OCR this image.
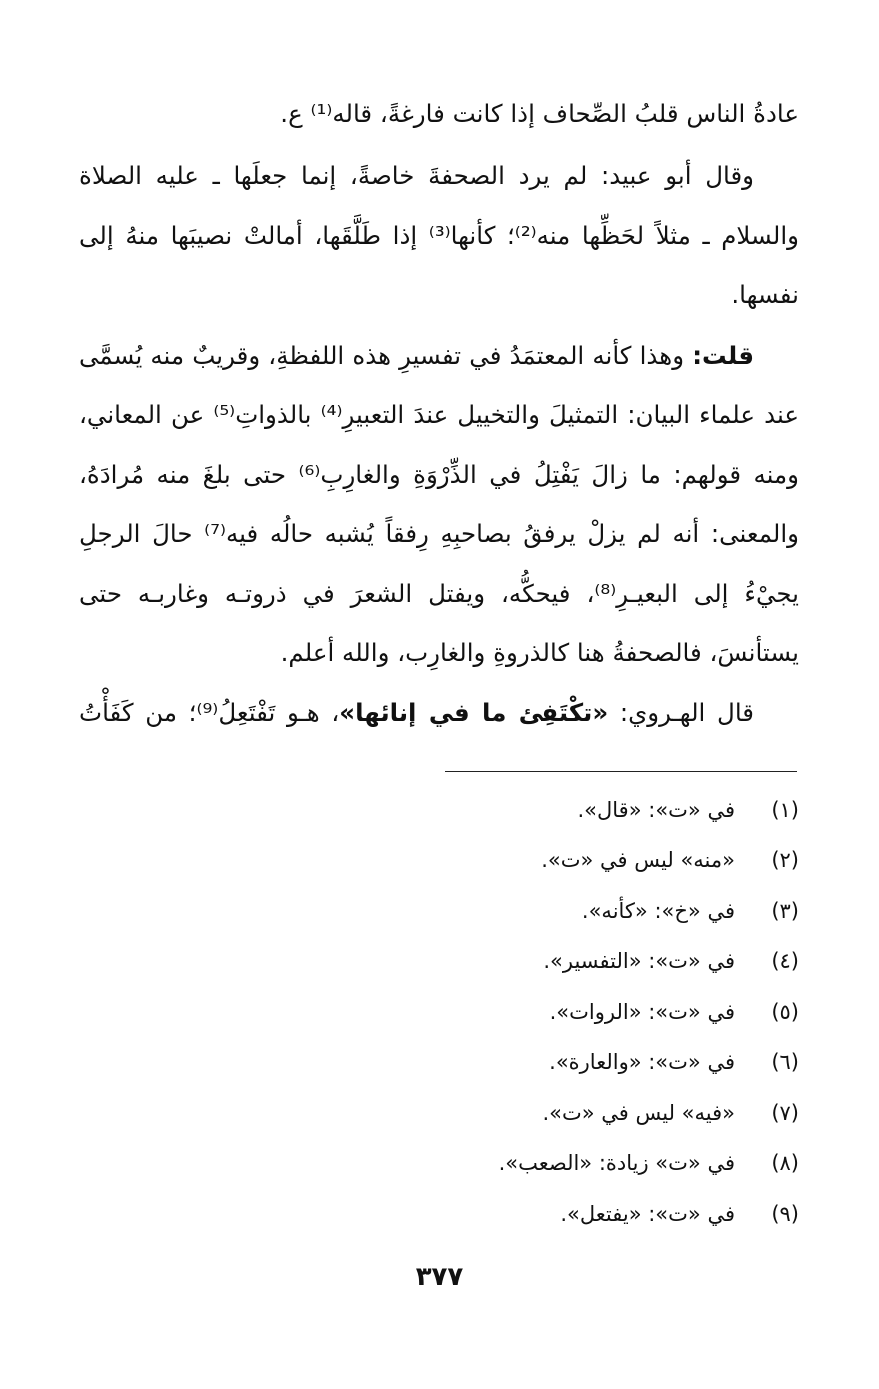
عادةُ الناس قلبُ الصِّحاف إذا كانت فارغةً، قاله⁽¹⁾ ع.
وقال أبو عبيد: لم يرد الصحفةَ خاصةً، إنما جعلَها ـ عليه الصلاة
والسلام ـ مثلاً لحَظِّها منه⁽²⁾؛ كأنها⁽³⁾ إذا طَلَّقَها، أمالتْ نصيبَها منهُ إلى
نفسها.
قلت: وهذا كأنه المعتمَدُ في تفسيرِ هذه اللفظةِ، وقريبٌ منه يُسمَّى
عند علماء البيان: التمثيلَ والتخييل عندَ التعبيرِ⁽⁴⁾ بالذواتِ⁽⁵⁾ عن المعاني،
ومنه قولهم: ما زالَ يَفْتِلُ في الذِّرْوَةِ والغارِبِ⁽⁶⁾ حتى بلغَ منه مُرادَهُ،
والمعنى: أنه لم يزلْ يرفقُ بصاحبِهِ رِفقاً يُشبه حالُه فيه⁽⁷⁾ حالَ الرجلِ
يجيْءُ إلى البعيـرِ⁽⁸⁾، فيحكُّه، ويفتل الشعرَ في ذروتـه وغاربـه حتى
يستأنسَ، فالصحفةُ هنا كالذروةِ والغارِب، والله أعلم.
قال الهـروي: «تكْتَفِئ ما في إنائها»، هـو تَفْتَعِلُ⁽⁹⁾؛ من كَفَأْتُ
(١)في «ت»: «قال».
(٢)«منه» ليس في «ت».
(٣)في «خ»: «كأنه».
(٤)في «ت»: «التفسير».
(٥)في «ت»: «الروات».
(٦)في «ت»: «والعارة».
(٧)«فيه» ليس في «ت».
(٨)في «ت» زيادة: «الصعب».
(٩)في «ت»: «يفتعل».
٣٧٧
